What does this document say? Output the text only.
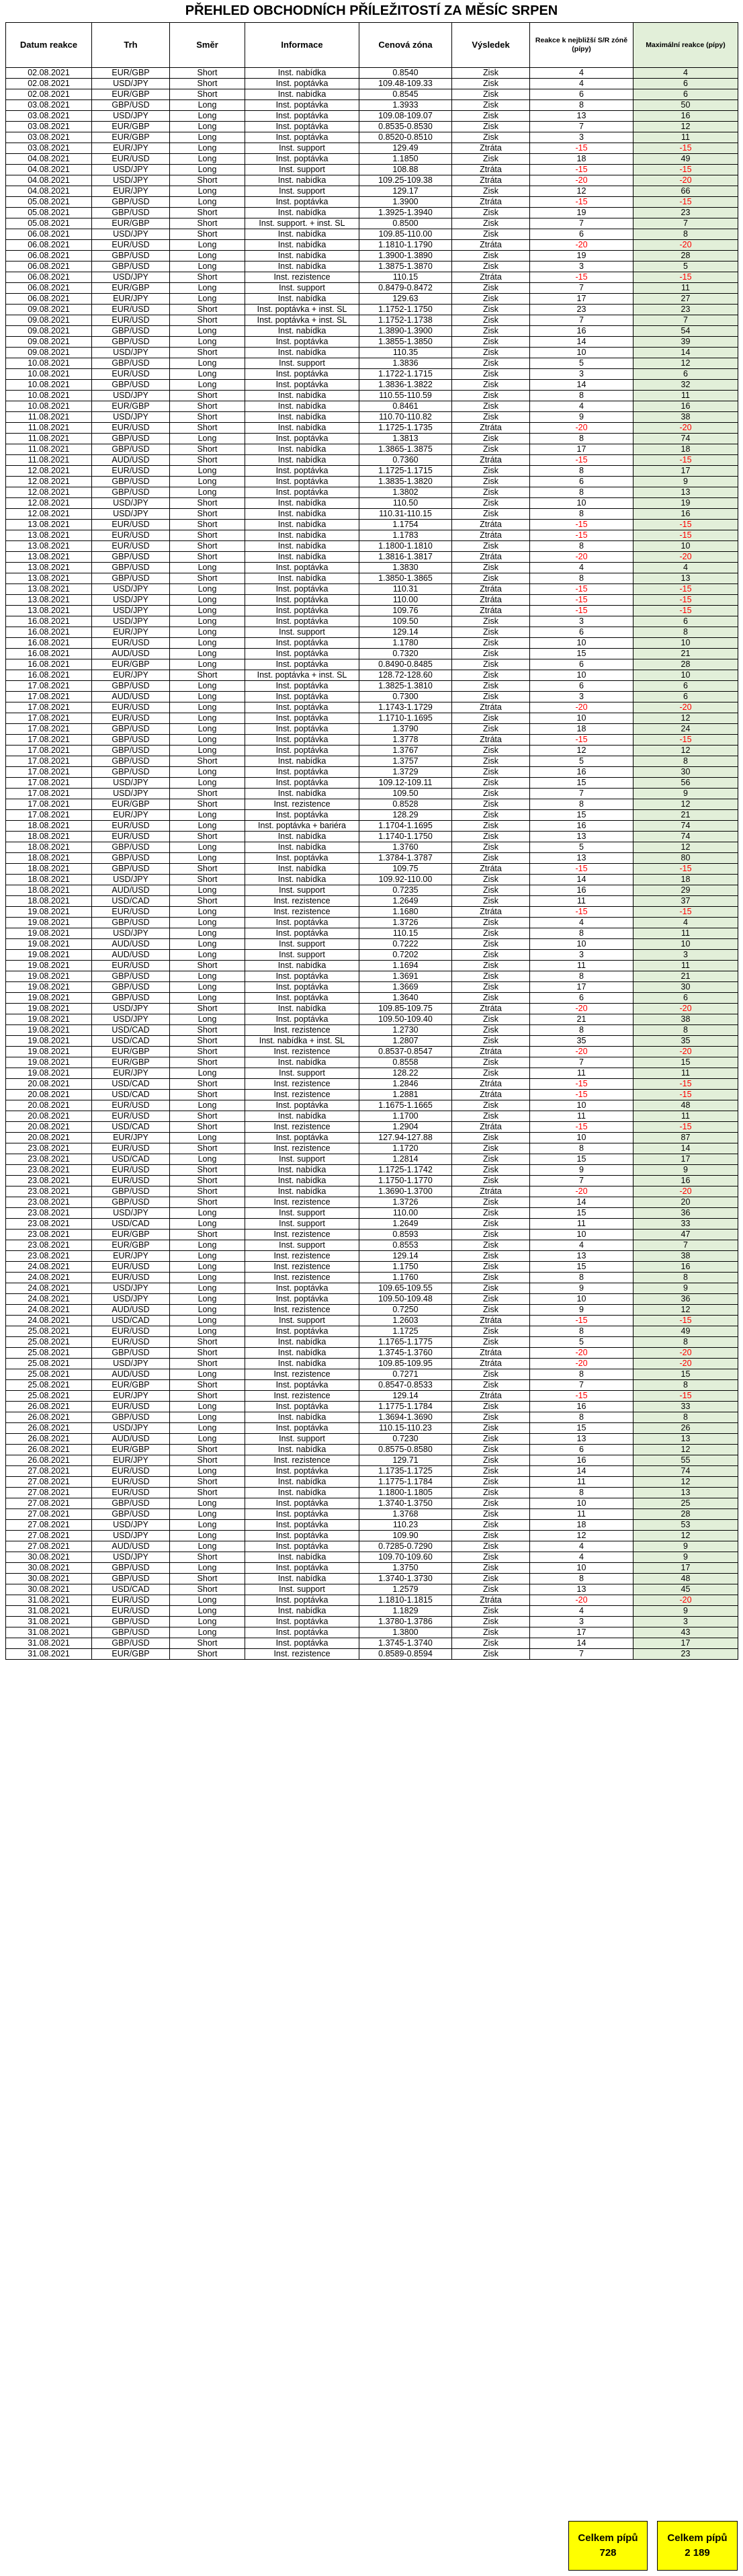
PŘEHLED OBCHODNÍCH PŘÍLEŽITOSTÍ ZA MĚSÍC SRPEN
Datum reakce	Trh	Směr	Informace	Cenová zóna	Výsledek	Reakce k nejbližší S/R zóně (pípy)	Maximální reakce (pípy)
02.08.2021	EUR/GBP	Short	Inst. nabídka	0.8540	Zisk	4	4
02.08.2021	USD/JPY	Short	Inst. poptávka	109.48-109.33	Zisk	4	6
02.08.2021	EUR/GBP	Short	Inst. nabídka	0.8545	Zisk	6	6
03.08.2021	GBP/USD	Long	Inst. poptávka	1.3933	Zisk	8	50
03.08.2021	USD/JPY	Long	Inst. poptávka	109.08-109.07	Zisk	13	16
03.08.2021	EUR/GBP	Long	Inst. poptávka	0.8535-0.8530	Zisk	7	12
03.08.2021	EUR/GBP	Long	Inst. poptávka	0.8520-0.8510	Zisk	3	11
03.08.2021	EUR/JPY	Long	Inst. support	129.49	Ztráta	-15	-15
04.08.2021	EUR/USD	Long	Inst. poptávka	1.1850	Zisk	18	49
04.08.2021	USD/JPY	Long	Inst. support	108.88	Ztráta	-15	-15
04.08.2021	USD/JPY	Short	Inst. nabídka	109.25-109.38	Ztráta	-20	-20
04.08.2021	EUR/JPY	Long	Inst. support	129.17	Zisk	12	66
05.08.2021	GBP/USD	Long	Inst. poptávka	1.3900	Ztráta	-15	-15
05.08.2021	GBP/USD	Short	Inst. nabídka	1.3925-1.3940	Zisk	19	23
05.08.2021	EUR/GBP	Short	Inst. support. + inst. SL	0.8500	Zisk	7	7
06.08.2021	USD/JPY	Short	Inst. nabídka	109.85-110.00	Zisk	6	8
06.08.2021	EUR/USD	Long	Inst. nabídka	1.1810-1.1790	Ztráta	-20	-20
06.08.2021	GBP/USD	Long	Inst. nabídka	1.3900-1.3890	Zisk	19	28
06.08.2021	GBP/USD	Long	Inst. nabídka	1.3875-1.3870	Zisk	3	5
06.08.2021	USD/JPY	Short	Inst. rezistence	110.15	Ztráta	-15	-15
06.08.2021	EUR/GBP	Long	Inst. support	0.8479-0.8472	Zisk	7	11
06.08.2021	EUR/JPY	Long	Inst. nabídka	129.63	Zisk	17	27
09.08.2021	EUR/USD	Short	Inst. poptávka + inst. SL	1.1752-1.1750	Zisk	23	23
09.08.2021	EUR/USD	Short	Inst. poptávka + inst. SL	1.1752-1.1738	Zisk	7	7
09.08.2021	GBP/USD	Long	Inst. nabídka	1.3890-1.3900	Zisk	16	54
09.08.2021	GBP/USD	Long	Inst. poptávka	1.3855-1.3850	Zisk	14	39
09.08.2021	USD/JPY	Short	Inst. nabídka	110.35	Zisk	10	14
10.08.2021	GBP/USD	Long	Inst. support	1.3836	Zisk	5	12
10.08.2021	EUR/USD	Long	Inst. poptávka	1.1722-1.1715	Zisk	3	6
10.08.2021	GBP/USD	Long	Inst. poptávka	1.3836-1.3822	Zisk	14	32
10.08.2021	USD/JPY	Short	Inst. nabídka	110.55-110.59	Zisk	8	11
10.08.2021	EUR/GBP	Short	Inst. nabídka	0.8461	Zisk	4	16
11.08.2021	USD/JPY	Short	Inst. nabídka	110.70-110.82	Zisk	9	38
11.08.2021	EUR/USD	Short	Inst. nabídka	1.1725-1.1735	Ztráta	-20	-20
11.08.2021	GBP/USD	Long	Inst. poptávka	1.3813	Zisk	8	74
11.08.2021	GBP/USD	Short	Inst. nabídka	1.3865-1.3875	Zisk	17	18
11.08.2021	AUD/USD	Short	Inst. nabídka	0.7360	Ztráta	-15	-15
12.08.2021	EUR/USD	Long	Inst. poptávka	1.1725-1.1715	Zisk	8	17
12.08.2021	GBP/USD	Long	Inst. poptávka	1.3835-1.3820	Zisk	6	9
12.08.2021	GBP/USD	Long	Inst. poptávka	1.3802	Zisk	8	13
12.08.2021	USD/JPY	Short	Inst. nabídka	110.50	Zisk	10	19
12.08.2021	USD/JPY	Short	Inst. nabídka	110.31-110.15	Zisk	8	16
13.08.2021	EUR/USD	Short	Inst. nabídka	1.1754	Ztráta	-15	-15
13.08.2021	EUR/USD	Short	Inst. nabídka	1.1783	Ztráta	-15	-15
13.08.2021	EUR/USD	Short	Inst. nabídka	1.1800-1.1810	Zisk	8	10
13.08.2021	GBP/USD	Short	Inst. nabídka	1.3816-1.3817	Ztráta	-20	-20
13.08.2021	GBP/USD	Long	Inst. poptávka	1.3830	Zisk	4	4
13.08.2021	GBP/USD	Short	Inst. nabídka	1.3850-1.3865	Zisk	8	13
13.08.2021	USD/JPY	Long	Inst. poptávka	110.31	Ztráta	-15	-15
13.08.2021	USD/JPY	Long	Inst. poptávka	110.00	Ztráta	-15	-15
13.08.2021	USD/JPY	Long	Inst. poptávka	109.76	Ztráta	-15	-15
16.08.2021	USD/JPY	Long	Inst. poptávka	109.50	Zisk	3	6
16.08.2021	EUR/JPY	Long	Inst. support	129.14	Zisk	6	8
16.08.2021	EUR/USD	Long	Inst. poptávka	1.1780	Zisk	10	10
16.08.2021	AUD/USD	Long	Inst. poptávka	0.7320	Zisk	15	21
16.08.2021	EUR/GBP	Long	Inst. poptávka	0.8490-0.8485	Zisk	6	28
16.08.2021	EUR/JPY	Short	Inst. poptávka + inst. SL	128.72-128.60	Zisk	10	10
17.08.2021	GBP/USD	Long	Inst. poptávka	1.3825-1.3810	Zisk	6	6
17.08.2021	AUD/USD	Long	Inst. poptávka	0.7300	Zisk	3	6
17.08.2021	EUR/USD	Long	Inst. poptávka	1.1743-1.1729	Ztráta	-20	-20
17.08.2021	EUR/USD	Long	Inst. poptávka	1.1710-1.1695	Zisk	10	12
17.08.2021	GBP/USD	Long	Inst. poptávka	1.3790	Zisk	18	24
17.08.2021	GBP/USD	Long	Inst. poptávka	1.3778	Ztráta	-15	-15
17.08.2021	GBP/USD	Long	Inst. poptávka	1.3767	Zisk	12	12
17.08.2021	GBP/USD	Short	Inst. nabídka	1.3757	Zisk	5	8
17.08.2021	GBP/USD	Long	Inst. poptávka	1.3729	Zisk	16	30
17.08.2021	USD/JPY	Long	Inst. poptávka	109.12-109.11	Zisk	15	56
17.08.2021	USD/JPY	Short	Inst. nabídka	109.50	Zisk	7	9
17.08.2021	EUR/GBP	Short	Inst. rezistence	0.8528	Zisk	8	12
17.08.2021	EUR/JPY	Long	Inst. poptávka	128.29	Zisk	15	21
18.08.2021	EUR/USD	Long	Inst. poptávka + bariéra	1.1704-1.1695	Zisk	16	74
18.08.2021	EUR/USD	Short	Inst. nabídka	1.1740-1.1750	Zisk	13	74
18.08.2021	GBP/USD	Long	Inst. nabídka	1.3760	Zisk	5	12
18.08.2021	GBP/USD	Long	Inst. poptávka	1.3784-1.3787	Zisk	13	80
18.08.2021	GBP/USD	Short	Inst. nabídka	109.75	Ztráta	-15	-15
18.08.2021	USD/JPY	Short	Inst. nabídka	109.92-110.00	Zisk	14	18
18.08.2021	AUD/USD	Long	Inst. support	0.7235	Zisk	16	29
18.08.2021	USD/CAD	Short	Inst. rezistence	1.2649	Zisk	11	37
19.08.2021	EUR/USD	Long	Inst. rezistence	1.1680	Ztráta	-15	-15
19.08.2021	GBP/USD	Long	Inst. poptávka	1.3726	Zisk	4	4
19.08.2021	USD/JPY	Long	Inst. poptávka	110.15	Zisk	8	11
19.08.2021	AUD/USD	Long	Inst. support	0.7222	Zisk	10	10
19.08.2021	AUD/USD	Long	Inst. support	0.7202	Zisk	3	3
19.08.2021	EUR/USD	Short	Inst. nabídka	1.1694	Zisk	11	11
19.08.2021	GBP/USD	Long	Inst. poptávka	1.3691	Zisk	8	21
19.08.2021	GBP/USD	Long	Inst. poptávka	1.3669	Zisk	17	30
19.08.2021	GBP/USD	Long	Inst. poptávka	1.3640	Zisk	6	6
19.08.2021	USD/JPY	Short	Inst. nabídka	109.85-109.75	Ztráta	-20	-20
19.08.2021	USD/JPY	Long	Inst. poptávka	109.50-109.40	Zisk	21	38
19.08.2021	USD/CAD	Short	Inst. rezistence	1.2730	Zisk	8	8
19.08.2021	USD/CAD	Short	Inst. nabídka + inst. SL	1.2807	Zisk	35	35
19.08.2021	EUR/GBP	Short	Inst. rezistence	0.8537-0.8547	Ztráta	-20	-20
19.08.2021	EUR/GBP	Short	Inst. nabídka	0.8558	Zisk	7	15
19.08.2021	EUR/JPY	Long	Inst. support	128.22	Zisk	11	11
20.08.2021	USD/CAD	Short	Inst. rezistence	1.2846	Ztráta	-15	-15
20.08.2021	USD/CAD	Short	Inst. rezistence	1.2881	Ztráta	-15	-15
20.08.2021	EUR/USD	Long	Inst. poptávka	1.1675-1.1665	Zisk	10	48
20.08.2021	EUR/USD	Short	Inst. nabídka	1.1700	Zisk	11	11
20.08.2021	USD/CAD	Short	Inst. rezistence	1.2904	Ztráta	-15	-15
20.08.2021	EUR/JPY	Long	Inst. poptávka	127.94-127.88	Zisk	10	87
23.08.2021	EUR/USD	Short	Inst. rezistence	1.1720	Zisk	8	14
23.08.2021	USD/CAD	Long	Inst. support	1.2814	Zisk	15	17
23.08.2021	EUR/USD	Short	Inst. nabídka	1.1725-1.1742	Zisk	9	9
23.08.2021	EUR/USD	Short	Inst. nabídka	1.1750-1.1770	Zisk	7	16
23.08.2021	GBP/USD	Short	Inst. nabídka	1.3690-1.3700	Ztráta	-20	-20
23.08.2021	GBP/USD	Short	Inst. rezistence	1.3726	Zisk	14	20
23.08.2021	USD/JPY	Long	Inst. support	110.00	Zisk	15	36
23.08.2021	USD/CAD	Long	Inst. support	1.2649	Zisk	11	33
23.08.2021	EUR/GBP	Short	Inst. rezistence	0.8593	Zisk	10	47
23.08.2021	EUR/GBP	Long	Inst. support	0.8553	Zisk	4	7
23.08.2021	EUR/JPY	Long	Inst. rezistence	129.14	Zisk	13	38
24.08.2021	EUR/USD	Long	Inst. rezistence	1.1750	Zisk	15	16
24.08.2021	EUR/USD	Long	Inst. rezistence	1.1760	Zisk	8	8
24.08.2021	USD/JPY	Long	Inst. poptávka	109.65-109.55	Zisk	9	9
24.08.2021	USD/JPY	Long	Inst. poptávka	109.50-109.48	Zisk	10	36
24.08.2021	AUD/USD	Long	Inst. rezistence	0.7250	Zisk	9	12
24.08.2021	USD/CAD	Long	Inst. support	1.2603	Ztráta	-15	-15
25.08.2021	EUR/USD	Long	Inst. poptávka	1.1725	Zisk	8	49
25.08.2021	EUR/USD	Short	Inst. nabídka	1.1765-1.1775	Zisk	5	8
25.08.2021	GBP/USD	Short	Inst. nabídka	1.3745-1.3760	Ztráta	-20	-20
25.08.2021	USD/JPY	Short	Inst. nabídka	109.85-109.95	Ztráta	-20	-20
25.08.2021	AUD/USD	Long	Inst. rezistence	0.7271	Zisk	8	15
25.08.2021	EUR/GBP	Short	Inst. poptávka	0.8547-0.8533	Zisk	7	8
25.08.2021	EUR/JPY	Short	Inst. rezistence	129.14	Ztráta	-15	-15
26.08.2021	EUR/USD	Long	Inst. poptávka	1.1775-1.1784	Zisk	16	33
26.08.2021	GBP/USD	Long	Inst. nabídka	1.3694-1.3690	Zisk	8	8
26.08.2021	USD/JPY	Long	Inst. poptávka	110.15-110.23	Zisk	15	26
26.08.2021	AUD/USD	Long	Inst. support	0.7230	Zisk	13	13
26.08.2021	EUR/GBP	Short	Inst. nabídka	0.8575-0.8580	Zisk	6	12
26.08.2021	EUR/JPY	Short	Inst. rezistence	129.71	Zisk	16	55
27.08.2021	EUR/USD	Long	Inst. poptávka	1.1735-1.1725	Zisk	14	74
27.08.2021	EUR/USD	Short	Inst. nabídka	1.1775-1.1784	Zisk	11	12
27.08.2021	EUR/USD	Short	Inst. nabídka	1.1800-1.1805	Zisk	8	13
27.08.2021	GBP/USD	Long	Inst. poptávka	1.3740-1.3750	Zisk	10	25
27.08.2021	GBP/USD	Long	Inst. poptávka	1.3768	Zisk	11	28
27.08.2021	USD/JPY	Long	Inst. poptávka	110.23	Zisk	18	53
27.08.2021	USD/JPY	Long	Inst. poptávka	109.90	Zisk	12	12
27.08.2021	AUD/USD	Long	Inst. poptávka	0.7285-0.7290	Zisk	4	9
30.08.2021	USD/JPY	Short	Inst. nabídka	109.70-109.60	Zisk	4	9
30.08.2021	GBP/USD	Long	Inst. poptávka	1.3750	Zisk	10	17
30.08.2021	GBP/USD	Short	Inst. nabídka	1.3740-1.3730	Zisk	8	48
30.08.2021	USD/CAD	Short	Inst. support	1.2579	Zisk	13	45
31.08.2021	EUR/USD	Long	Inst. poptávka	1.1810-1.1815	Ztráta	-20	-20
31.08.2021	EUR/USD	Long	Inst. nabídka	1.1829	Zisk	4	9
31.08.2021	GBP/USD	Long	Inst. poptávka	1.3780-1.3786	Zisk	3	3
31.08.2021	GBP/USD	Long	Inst. poptávka	1.3800	Zisk	17	43
31.08.2021	GBP/USD	Short	Inst. poptávka	1.3745-1.3740	Zisk	14	17
31.08.2021	EUR/GBP	Short	Inst. rezistence	0.8589-0.8594	Zisk	7	23
Celkem pípů
728
Celkem pípů
2 189
